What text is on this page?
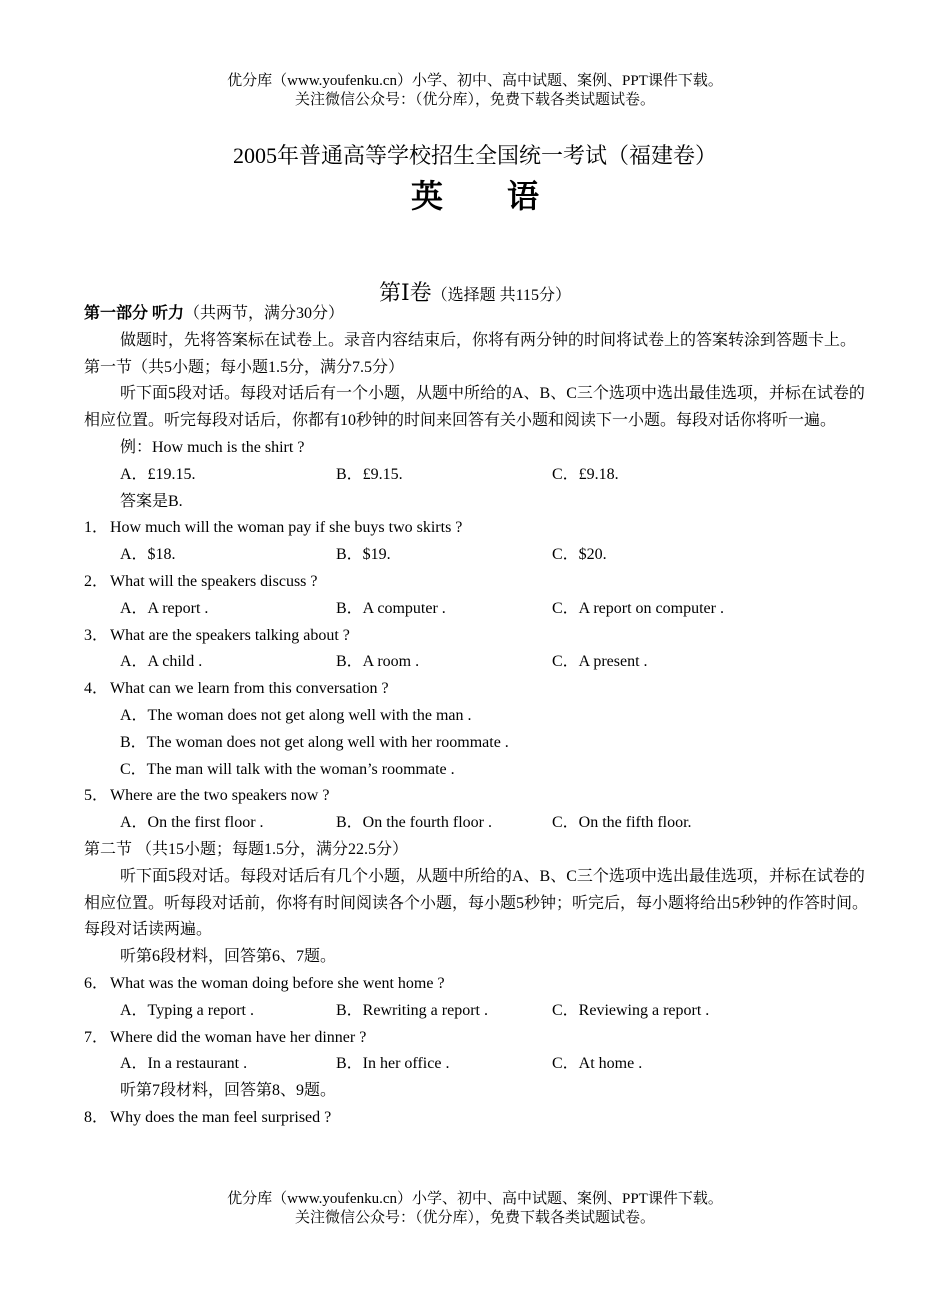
优分库（www.youfenku.cn）小学、初中、高中试题、案例、PPT课件下载。
关注微信公众号：（优分库），免费下载各类试题试卷。
2005年普通高等学校招生全国统一考试（福建卷）
英 语
第Ⅰ卷（选择题 共115分）
第一部分 听力（共两节，满分30分）
做题时，先将答案标在试卷上。录音内容结束后，你将有两分钟的时间将试卷上的答案转涂到答题卡上。
第一节（共5小题；每小题1.5分，满分7.5分）
听下面5段对话。每段对话后有一个小题，从题中所给的A、B、C三个选项中选出最佳选项，并标在试卷的相应位置。听完每段对话后，你都有10秒钟的时间来回答有关小题和阅读下一小题。每段对话你将听一遍。
例：How much is the shirt ?
A．£19.15.	B．£9.15.	C．£9.18.
答案是B.
1． How much will the woman pay if she buys two skirts ?
A．$18.	B．$19.	C．$20.
2． What will the speakers discuss ?
A．A report .	B．A computer .	C．A report on computer .
3． What are the speakers talking about ?
A．A child .	B．A room .	C．A present .
4． What can we learn from this conversation ?
A．The woman does not get along well with the man .
B．The woman does not get along well with her roommate .
C．The man will talk with the woman’s roommate .
5． Where are the two speakers now ?
A．On the first floor .	B．On the fourth floor .	C．On the fifth floor.
第二节 （共15小题；每题1.5分，满分22.5分）
听下面5段对话。每段对话后有几个小题，从题中所给的A、B、C三个选项中选出最佳选项，并标在试卷的相应位置。听每段对话前，你将有时间阅读各个小题，每小题5秒钟；听完后，每小题将给出5秒钟的作答时间。每段对话读两遍。
听第6段材料，回答第6、7题。
6． What was the woman doing before she went home ?
A．Typing a report .	B．Rewriting a report .	C．Reviewing a report .
7． Where did the woman have her dinner ?
A．In a restaurant .	B．In her office .	C．At home .
听第7段材料，回答第8、9题。
8． Why does the man feel surprised ?
优分库（www.youfenku.cn）小学、初中、高中试题、案例、PPT课件下载。
关注微信公众号：（优分库），免费下载各类试题试卷。
